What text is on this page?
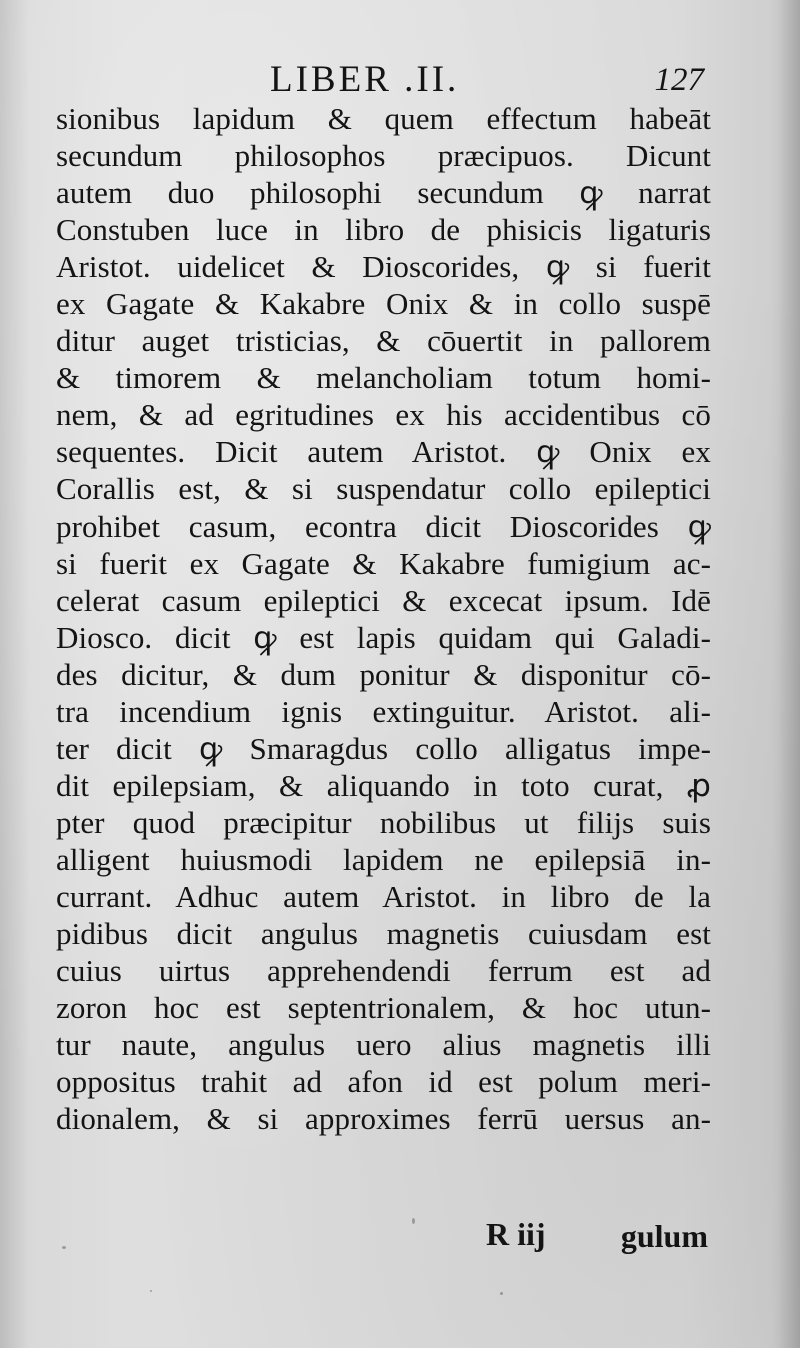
LIBER .II.	127
sionibus lapidum & quem effectum habeāt
secundum philosophos præcipuos. Dicunt
autem duo philosophi secundum ꝙ narrat
Constuben luce in libro de phisicis ligaturis
Aristot. uidelicet & Dioscorides, ꝙ si fuerit
ex Gagate & Kakabre Onix & in collo suspē
ditur auget tristicias, & cōuertit in pallorem
& timorem & melancholiam totum homi-
nem, & ad egritudines ex his accidentibus cō
sequentes. Dicit autem Aristot. ꝙ Onix ex
Corallis est, & si suspendatur collo epileptici
prohibet casum, econtra dicit Dioscorides ꝙ
si fuerit ex Gagate & Kakabre fumigium ac-
celerat casum epileptici & excecat ipsum. Idē
Diosco. dicit ꝙ est lapis quidam qui Galadi-
des dicitur, & dum ponitur & disponitur cō-
tra incendium ignis extinguitur. Aristot. ali-
ter dicit ꝙ Smaragdus collo alligatus impe-
dit epilepsiam, & aliquando in toto curat, ꝓ
pter quod præcipitur nobilibus ut filijs suis
alligent huiusmodi lapidem ne epilepsiā in-
currant. Adhuc autem Aristot. in libro de la
pidibus dicit angulus magnetis cuiusdam est
cuius uirtus apprehendendi ferrum est ad
zoron hoc est septentrionalem, & hoc utun-
tur naute, angulus uero alius magnetis illi
oppositus trahit ad afon id est polum meri-
dionalem, & si approximes ferrū uersus an-
R iij gulum
